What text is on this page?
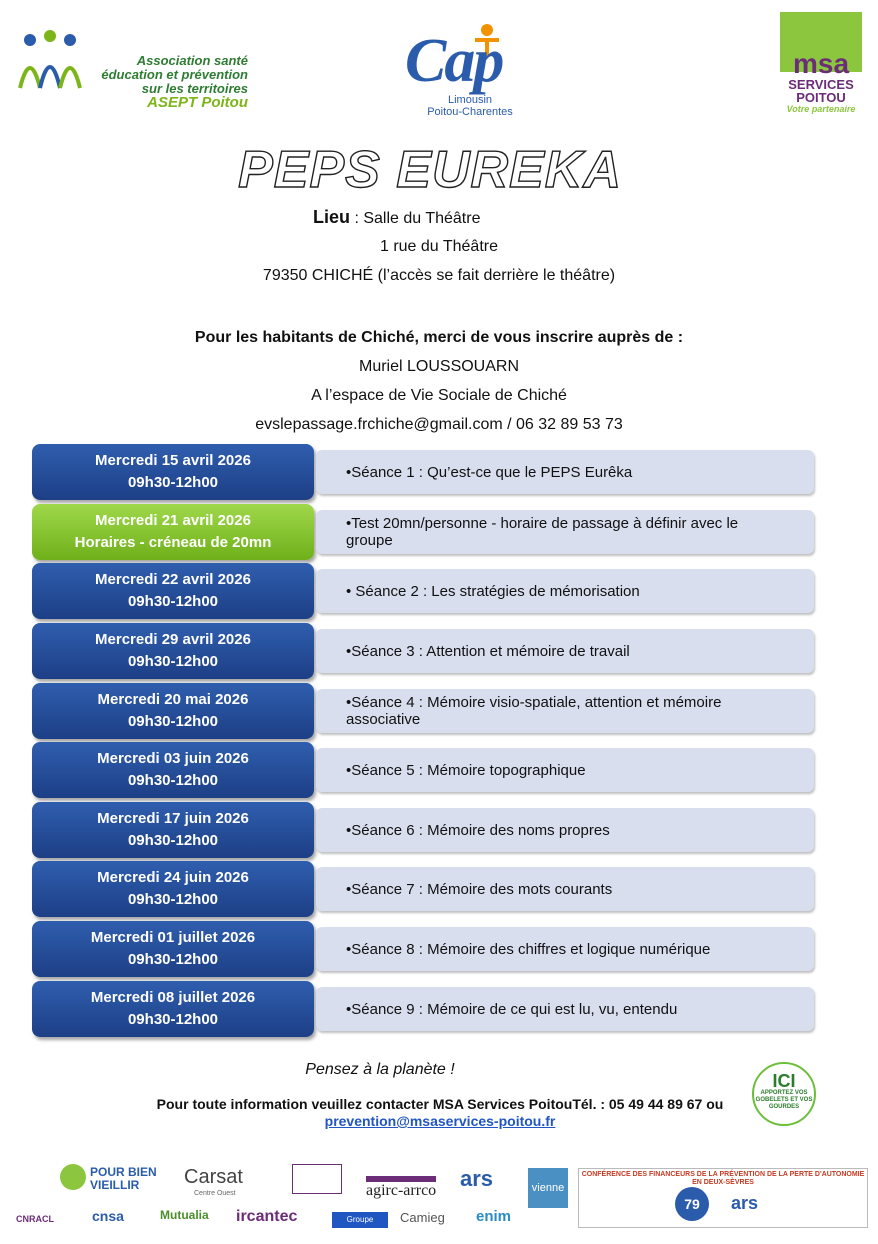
Association santé
éducation et prévention
sur les territoires
ASEPT Poitou
Cap
Limousin
Poitou-Charentes
msa
SERVICES
POITOU
Votre partenaire
PEPS EUREKA
Lieu : Salle du Théâtre
1 rue du Théâtre
79350 CHICHÉ (l’accès se fait derrière le théâtre)
Pour les habitants de Chiché, merci de vous inscrire auprès de :
Muriel LOUSSOUARN
A l’espace de Vie Sociale de Chiché
evslepassage.frchiche@gmail.com / 06 32 89 53 73
Mercredi 15 avril 2026
09h30-12h00
•Séance 1 : Qu’est-ce que le PEPS Eurêka
Mercredi 21 avril 2026
Horaires - créneau de 20mn
•Test 20mn/personne - horaire de passage à définir avec le groupe
Mercredi 22 avril 2026
09h30-12h00
• Séance 2 : Les stratégies de mémorisation
Mercredi 29 avril 2026
09h30-12h00
•Séance 3 : Attention et mémoire de travail
Mercredi 20 mai 2026
09h30-12h00
•Séance 4 : Mémoire visio-spatiale, attention et mémoire associative
Mercredi 03 juin 2026
09h30-12h00
•Séance 5 : Mémoire topographique
Mercredi 17 juin 2026
09h30-12h00
•Séance 6 : Mémoire des noms propres
Mercredi 24 juin 2026
09h30-12h00
•Séance 7 : Mémoire des mots courants
Mercredi 01 juillet 2026
09h30-12h00
•Séance 8 : Mémoire des chiffres et logique numérique
Mercredi 08 juillet 2026
09h30-12h00
•Séance 9 : Mémoire de ce qui est lu, vu, entendu
Pensez à la planète !
Pour toute information veuillez contacter MSA Services PoitouTél. : 05 49 44 89 67 ou
prevention@msaservices-poitou.fr
ICI
APPORTEZ VOS GOBELETS ET VOS GOURDES
POUR BIEN VIEILLIR	Carsat
Centre Ouest	agirc-arrco ars	vienne
CNRACL	cnsa	Mutualia ircantec	Groupe AGRICA
Camieg enim
CONFÉRENCE DES FINANCEURS DE LA PRÉVENTION DE LA PERTE D'AUTONOMIE EN DEUX-SÈVRES
79	ars
